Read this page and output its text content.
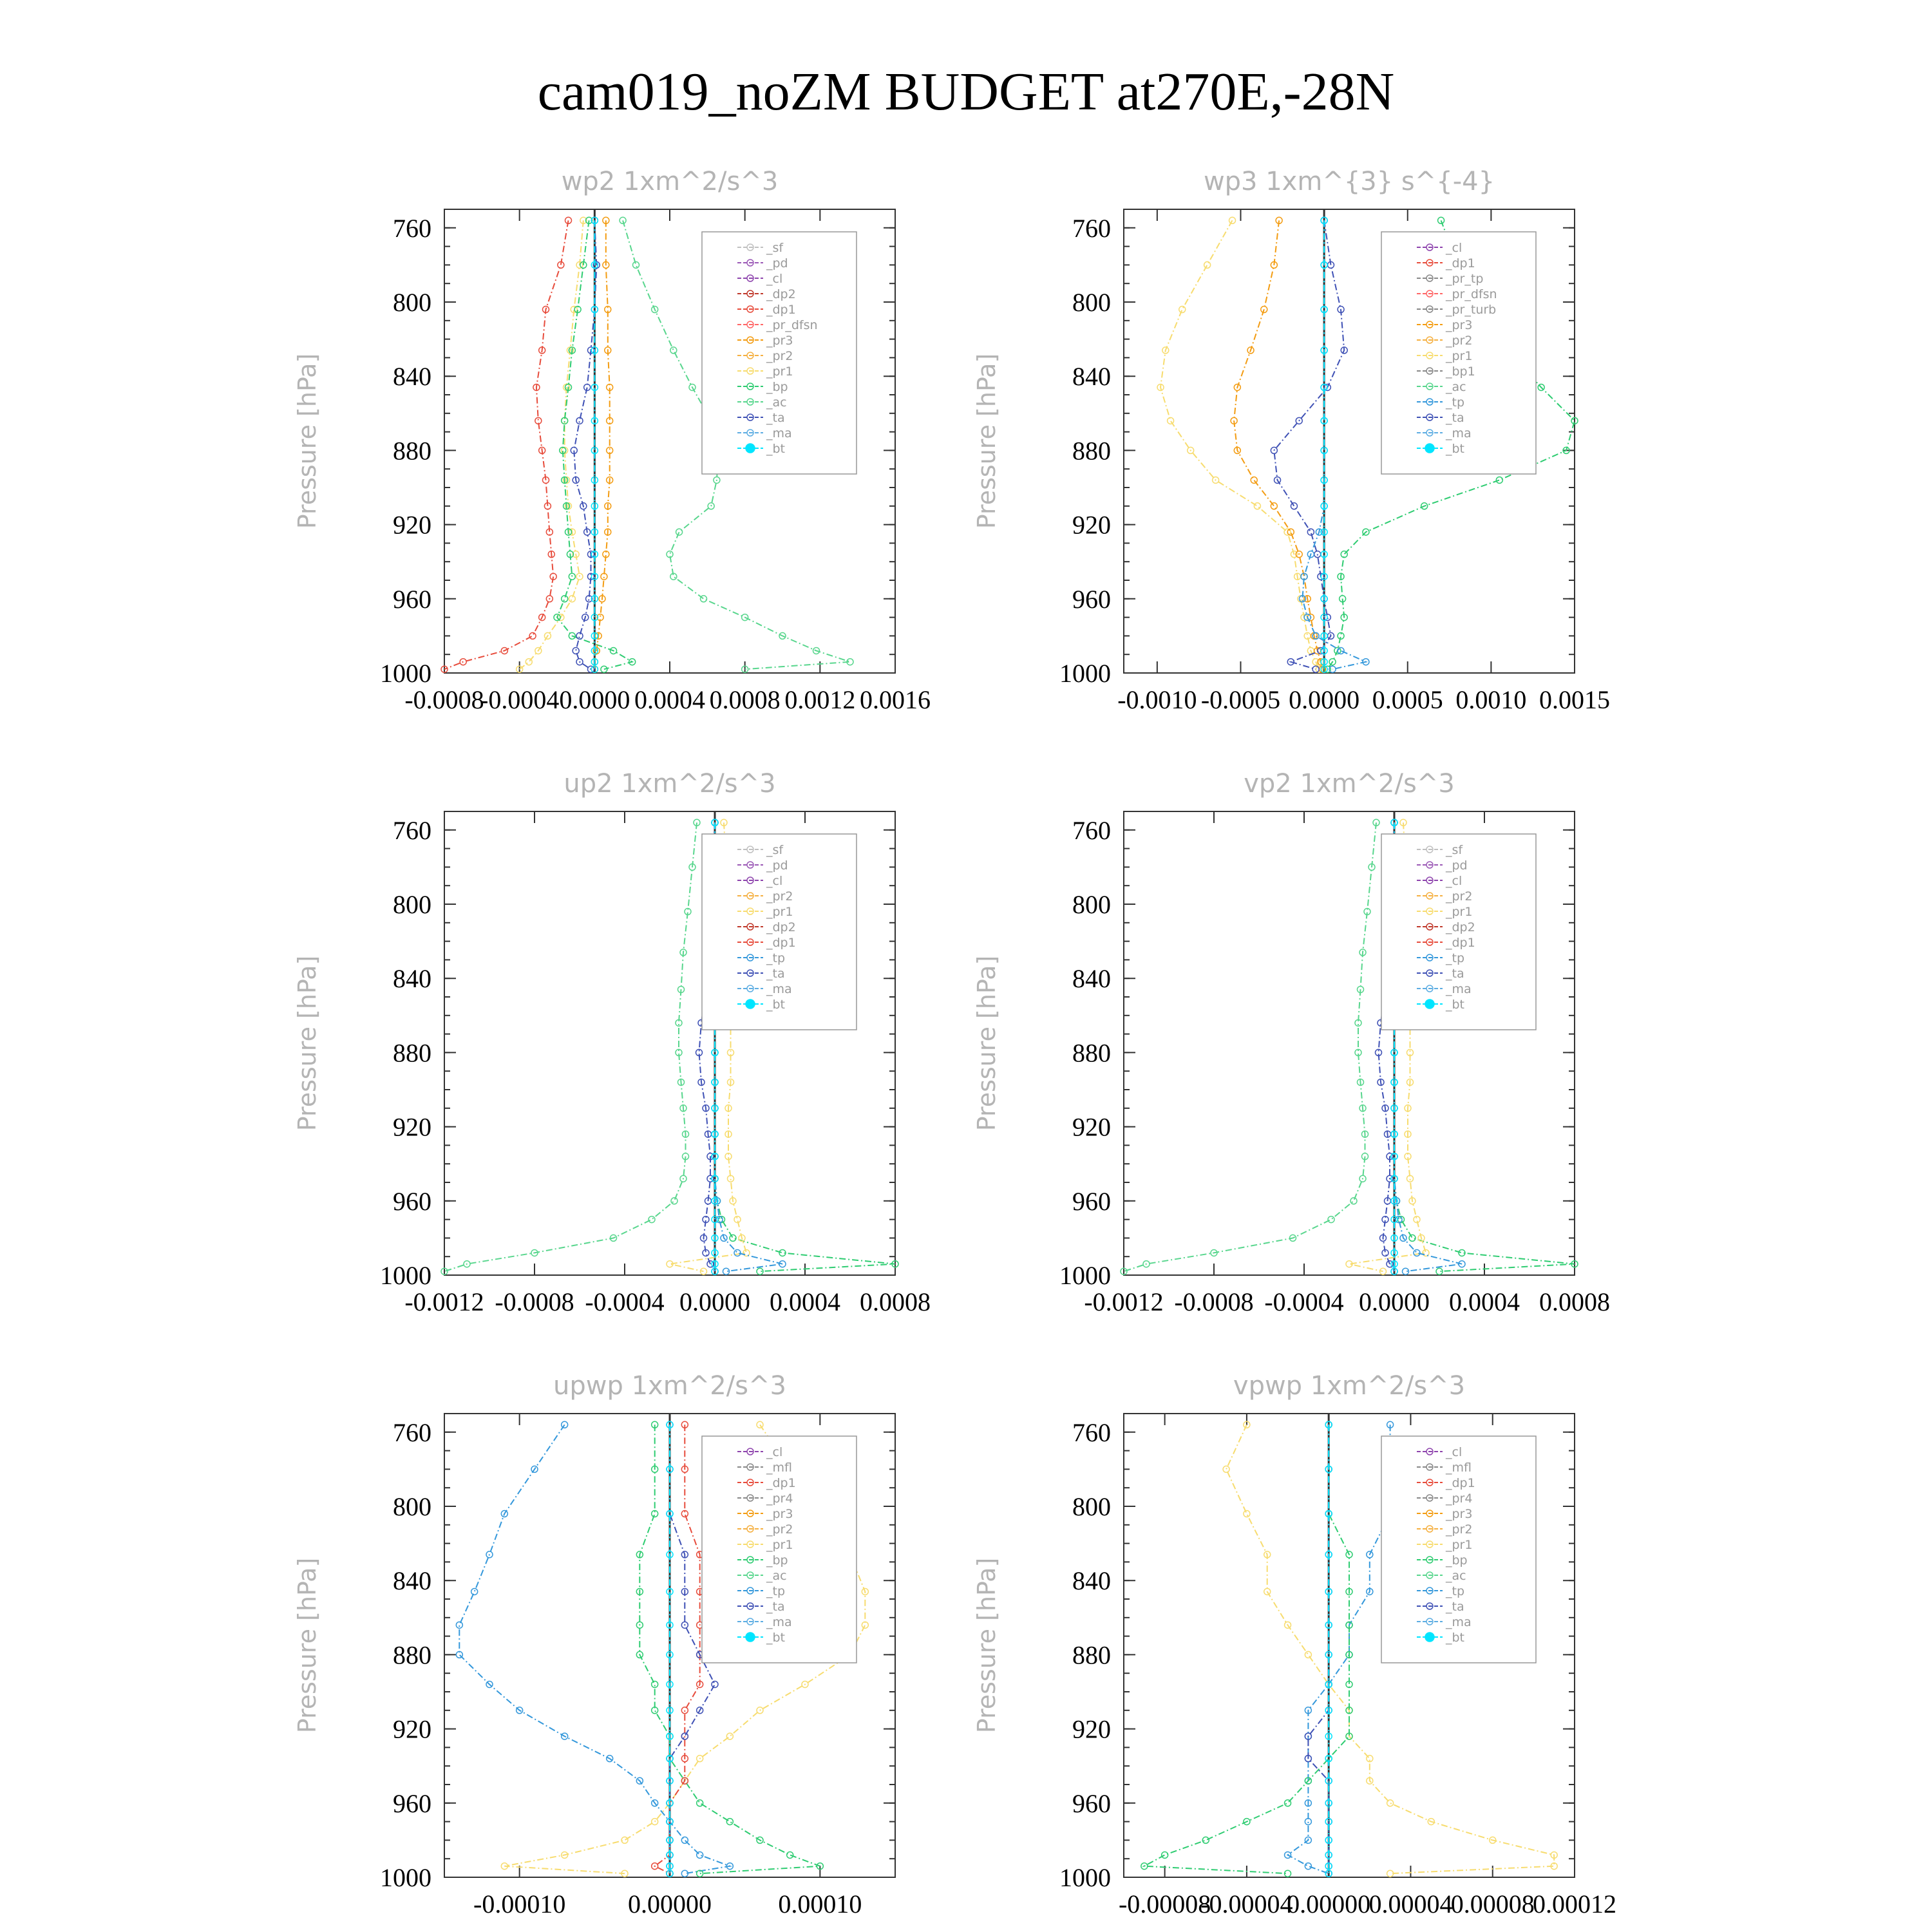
cam019_noZM BUDGET at270E,-28N
wp2 1xm^2/s^3
Pressure [hPa]
760
800
840
880
920
960
1000
-0.0008
-0.0004 0.0000 0.0004 0.0008 0.0012 0.0016
_sf
_pd
_cl
_dp2
_dp1
_pr_dfsn
_pr3
_pr2
_pr1
_bp
_ac
_ta
_ma
_bt
wp3 1xm^{3} s^{-4}
Pressure [hPa]
760
800
840
880
920
960
1000
-0.0010 -0.0005 0.0000 0.0005 0.0010 0.0015
_cl
_dp1
_pr_tp
_pr_dfsn
_pr_turb
_pr3
_pr2
_pr1
_bp1
_ac
_tp
_ta
_ma
_bt
up2 1xm^2/s^3
Pressure [hPa]
760
800
840
880
920
960
1000
-0.0012 -0.0008 -0.0004 0.0000 0.0004 0.0008
_sf
_pd
_cl
_pr2
_pr1
_dp2
_dp1
_tp
_ta
_ma
_bt
vp2 1xm^2/s^3
Pressure [hPa]
760
800
840
880
920
960
1000
-0.0012 -0.0008 -0.0004 0.0000 0.0004 0.0008
_sf
_pd
_cl
_pr2
_pr1
_dp2
_dp1
_tp
_ta
_ma
_bt
upwp 1xm^2/s^3
Pressure [hPa]
760
800
840
880
920
960
1000
-0.00010 0.00000	0.00010
_cl
_mfl
_dp1
_pr4
_pr3
_pr2
_pr1
_bp
_ac
_tp
_ta
_ma
_bt
vpwp 1xm^2/s^3
Pressure [hPa]
760
800
840
880
920
960
1000
-0.00008
-0.00004
0.00000
0.00004
0.00008
0.00012
_cl
_mfl
_dp1
_pr4
_pr3
_pr2
_pr1
_bp
_ac
_tp
_ta
_ma
_bt
